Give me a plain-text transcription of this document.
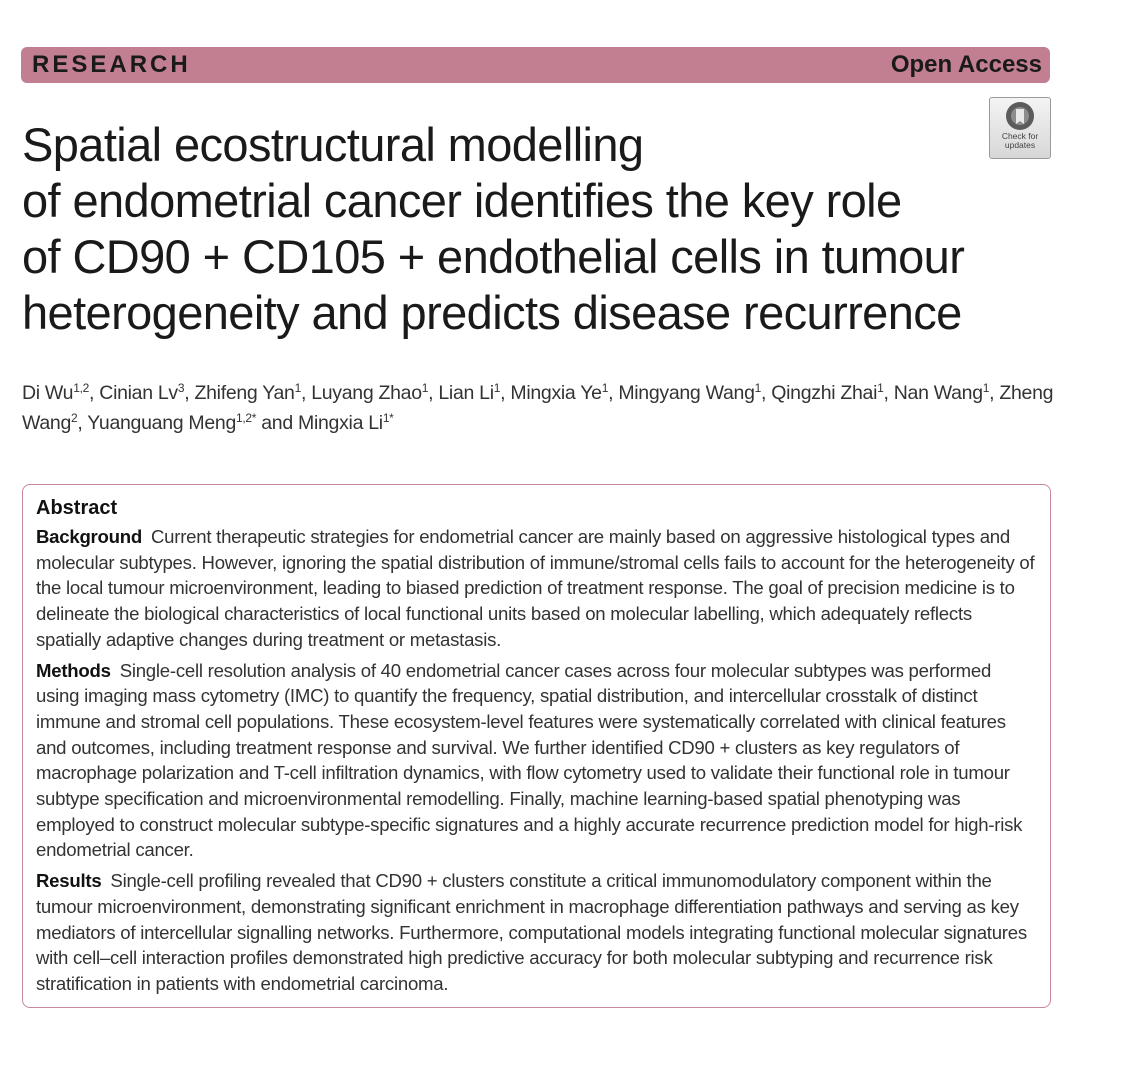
RESEARCH	Open Access
Check for
updates
Spatial ecostructural modelling
of endometrial cancer identifies the key role
of CD90 + CD105 + endothelial cells in tumour
heterogeneity and predicts disease recurrence
Di Wu$^{1,2}$, Cinian Lv$^3$, Zhifeng Yan$^1$, Luyang Zhao$^1$, Lian Li$^1$, Mingxia Ye$^1$, Mingyang Wang$^1$, Qingzhi Zhai$^1$, Nan Wang$^1$, Zheng Wang$^2$, Yuanguang Meng$^{1,2*}$ and Mingxia $Li^{1*}$
Abstract

Background Current therapeutic strategies for endometrial cancer are mainly based on aggressive histological types and molecular subtypes. However, ignoring the spatial distribution of immune/stromal cells fails to account for the heterogeneity of the local tumour microenvironment, leading to biased prediction of treatment response. The goal of precision medicine is to delineate the biological characteristics of local functional units based on molecular labelling, which adequately reflects spatially adaptive changes during treatment or metastasis.

Methods Single-cell resolution analysis of 40 endometrial cancer cases across four molecular subtypes was performed using imaging mass cytometry (IMC) to quantify the frequency, spatial distribution, and intercellular crosstalk of distinct immune and stromal cell populations. These ecosystem-level features were systematically correlated with clinical features and outcomes, including treatment response and survival. We further identified CD90 + clusters as key regulators of macrophage polarization and T-cell infiltration dynamics, with flow cytometry used to validate their functional role in tumour subtype specification and microenvironmental remodelling. Finally, machine learning-based spatial phenotyping was employed to construct molecular subtype-specific signatures and a highly accurate recurrence prediction model for high-risk endometrial cancer.

Results Single-cell profiling revealed that CD90 + clusters constitute a critical immunomodulatory component within the tumour microenvironment, demonstrating significant enrichment in macrophage differentiation pathways and serving as key mediators of intercellular signalling networks. Furthermore, computational models integrating functional molecular signatures with cell–cell interaction profiles demonstrated high predictive accuracy for both molecular subtyping and recurrence risk stratification in patients with endometrial carcinoma.
